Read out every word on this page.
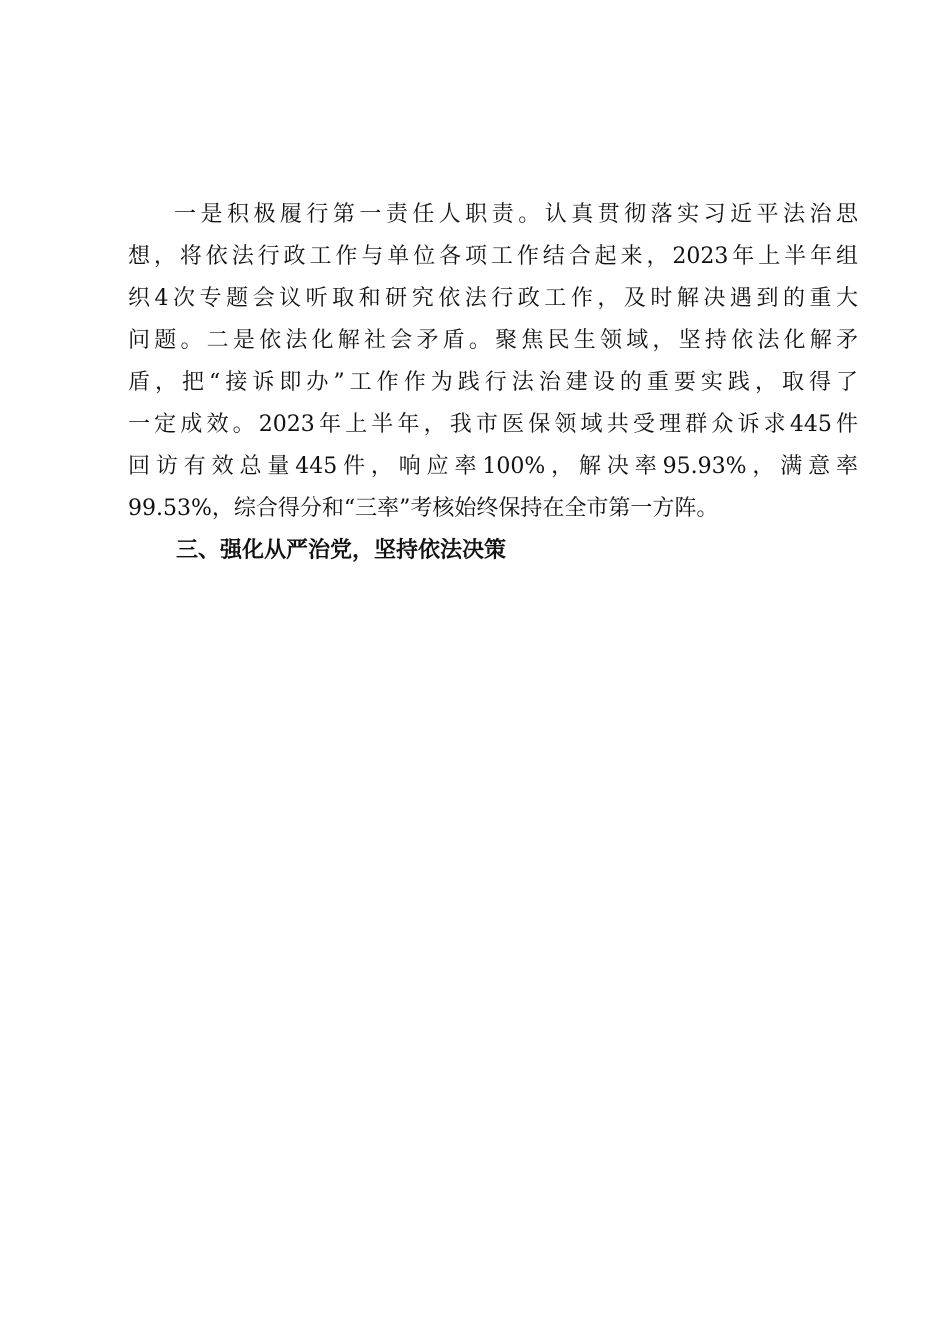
一是积极履行第一责任人职责。认真贯彻落实习近平法治思
想，将依法行政工作与单位各项工作结合起来，2023年上半年组
织4次专题会议听取和研究依法行政工作，及时解决遇到的重大
问题。二是依法化解社会矛盾。聚焦民生领域，坚持依法化解矛
盾，把“接诉即办”工作作为践行法治建设的重要实践，取得了
一定成效。2023年上半年，我市医保领域共受理群众诉求445件
回访有效总量445件，响应率100%，解决率95.93%，满意率
99.53%，综合得分和“三率”考核始终保持在全市第一方阵。
三、强化从严治党，坚持依法决策
